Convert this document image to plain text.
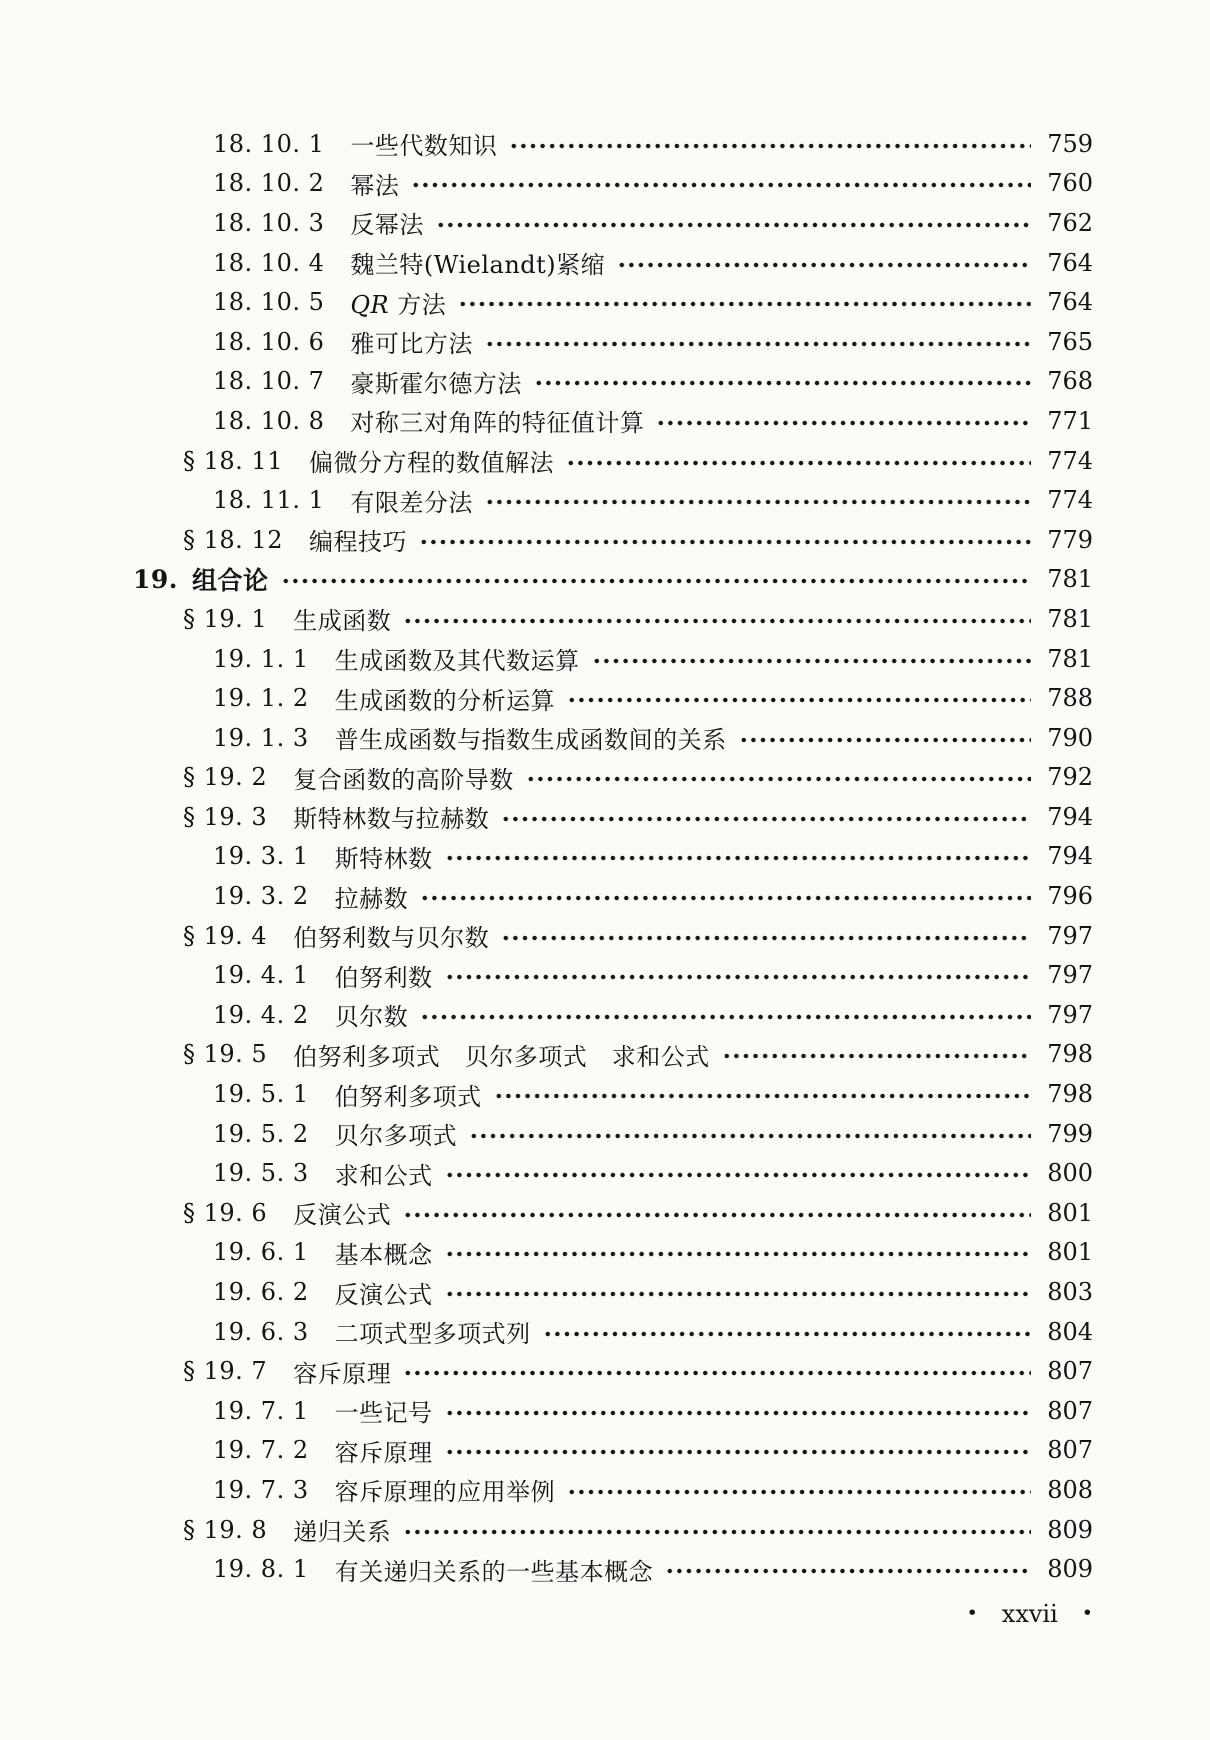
18. 10. 1 一些代数知识	759
18. 10. 2 幂法	760
18. 10. 3 反幂法	762
18. 10. 4 魏兰特(Wielandt)紧缩	764
18. 10. 5 QR 方法	764
18. 10. 6 雅可比方法	765
18. 10. 7 豪斯霍尔德方法	768
18. 10. 8 对称三对角阵的特征值计算	771
§ 18. 11 偏微分方程的数值解法	774
18. 11. 1 有限差分法	774
§ 18. 12 编程技巧	779
19. 组合论	781
§ 19. 1 生成函数	781
19. 1. 1 生成函数及其代数运算	781
19. 1. 2 生成函数的分析运算	788
19. 1. 3 普生成函数与指数生成函数间的关系	790
§ 19. 2 复合函数的高阶导数	792
§ 19. 3 斯特林数与拉赫数	794
19. 3. 1 斯特林数	794
19. 3. 2 拉赫数	796
§ 19. 4 伯努利数与贝尔数	797
19. 4. 1 伯努利数	797
19. 4. 2 贝尔数	797
§ 19. 5 伯努利多项式　贝尔多项式　求和公式	798
19. 5. 1 伯努利多项式	798
19. 5. 2 贝尔多项式	799
19. 5. 3 求和公式	800
§ 19. 6 反演公式	801
19. 6. 1 基本概念	801
19. 6. 2 反演公式	803
19. 6. 3 二项式型多项式列	804
§ 19. 7 容斥原理	807
19. 7. 1 一些记号	807
19. 7. 2 容斥原理	807
19. 7. 3 容斥原理的应用举例	808
§ 19. 8 递归关系	809
19. 8. 1 有关递归关系的一些基本概念	809
• xxvii •
